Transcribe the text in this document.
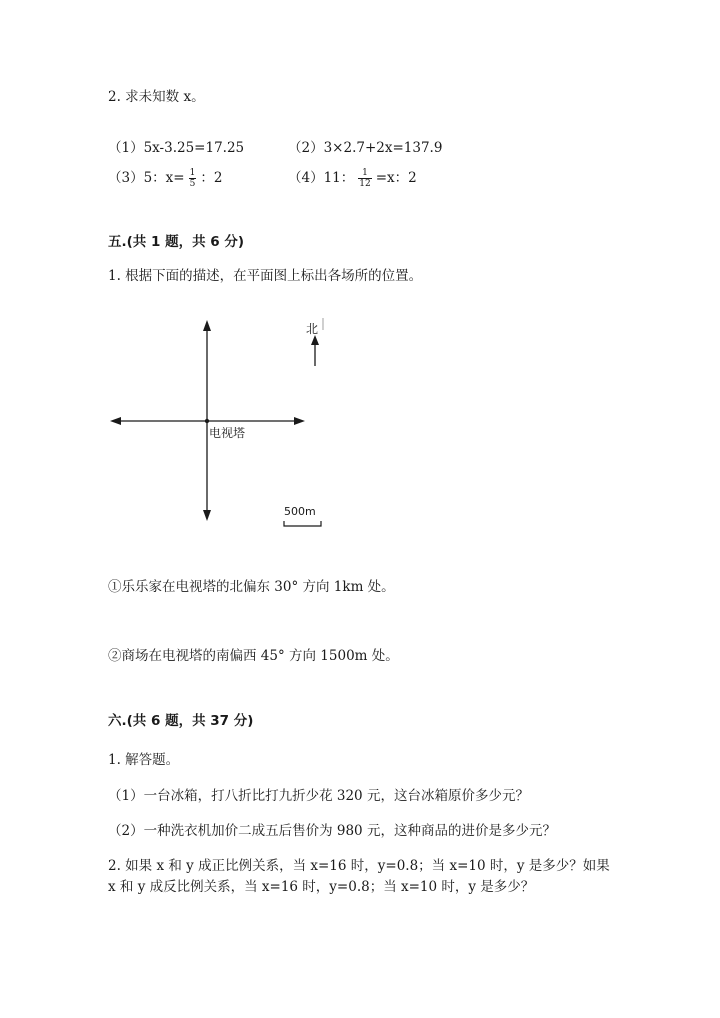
2. 求未知数 x。
（1）5x-3.25=17.25	（2）3×2.7+2x=137.9
（3）5：$x= \frac{1}{5}$ ：2	（4）11： $\frac{1}{12} =x$：2
五.(共 1 题，共 6 分)
1. 根据下面的描述，在平面图上标出各场所的位置。
电视塔
北
500m
①乐乐家在电视塔的北偏东 30° 方向 1km 处。
②商场在电视塔的南偏西 45° 方向 1500m 处。
六.(共 6 题，共 37 分)
1. 解答题。
（1）一台冰箱，打八折比打九折少花 320 元，这台冰箱原价多少元？
（2）一种洗衣机加价二成五后售价为 980 元，这种商品的进价是多少元？
2. 如果 x 和 y 成正比例关系，当 x=16 时，y=0.8；当 x=10 时，y 是多少？如果
x 和 y 成反比例关系，当 x=16 时，y=0.8；当 x=10 时，y 是多少？
